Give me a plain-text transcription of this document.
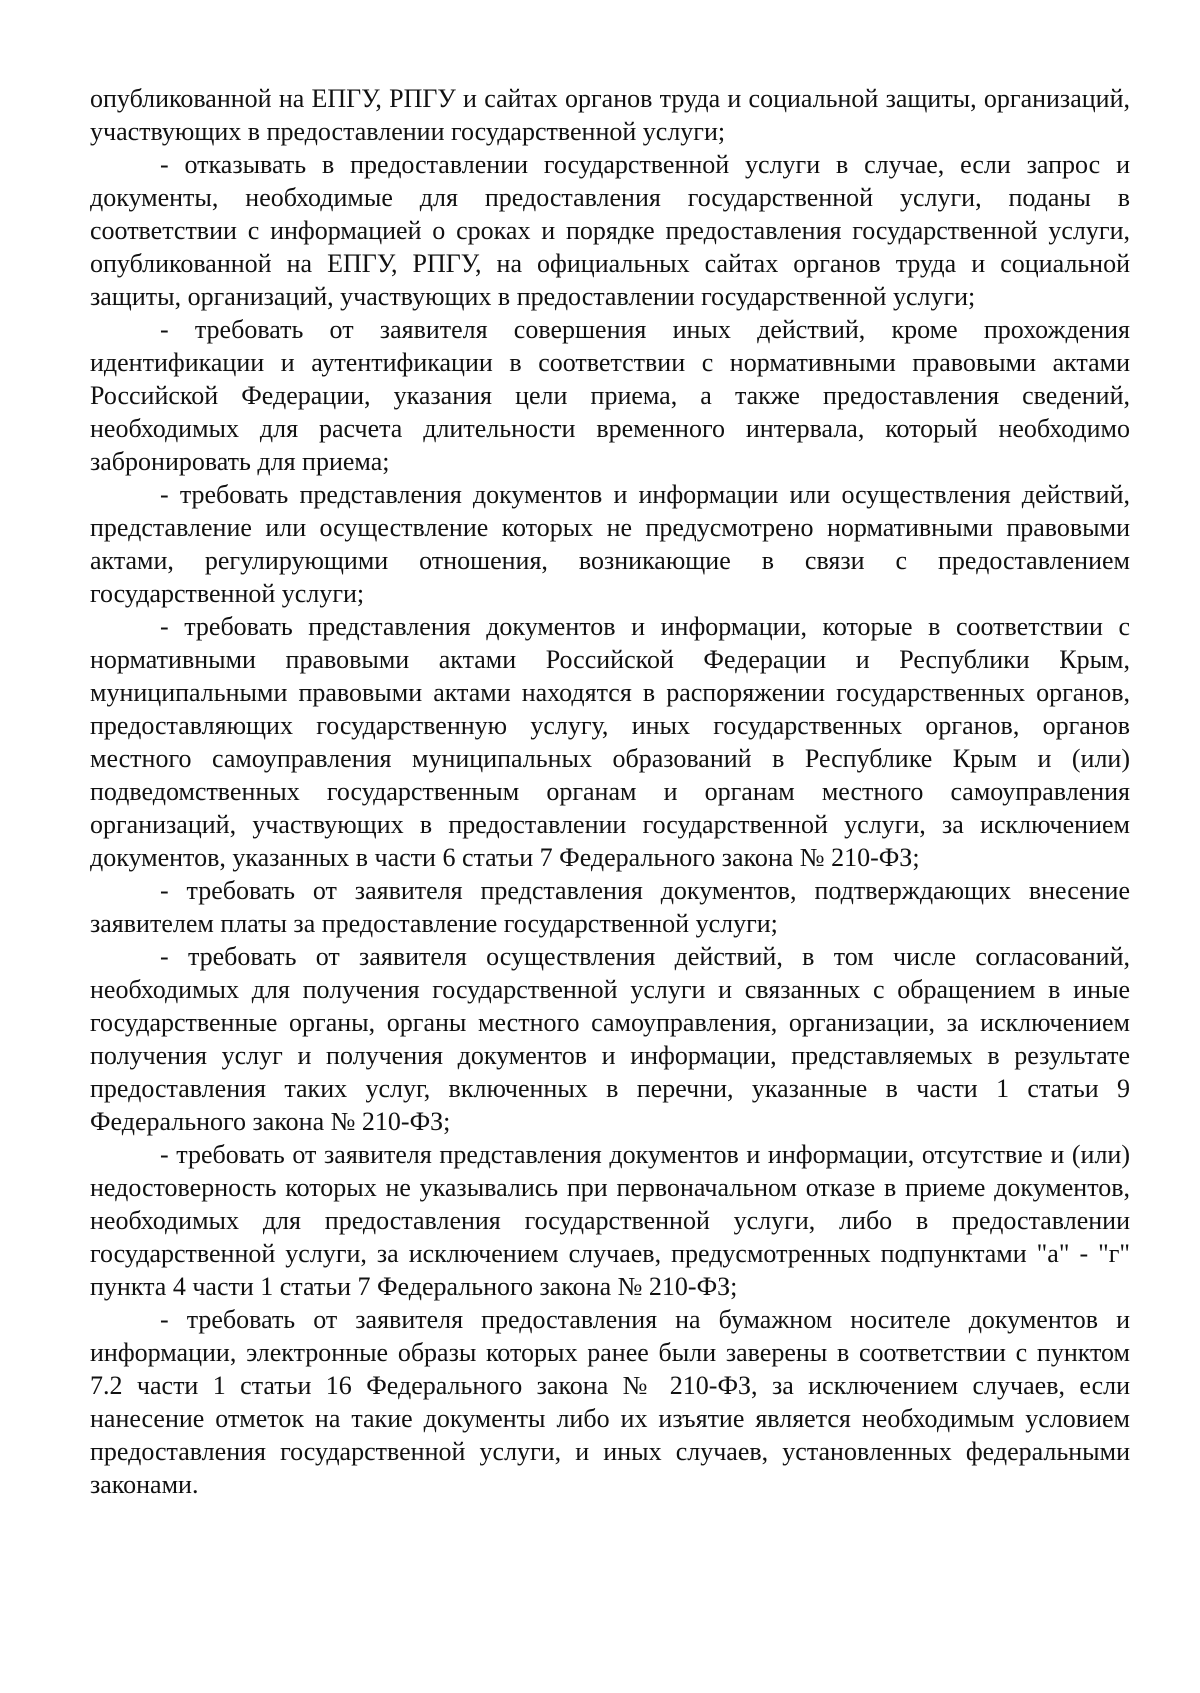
опубликованной на ЕПГУ, РПГУ и сайтах органов труда и социальной защиты, организаций, участвующих в предоставлении государственной услуги;

- отказывать в предоставлении государственной услуги в случае, если запрос и документы, необходимые для предоставления государственной услуги, поданы в соответствии с информацией о сроках и порядке предоставления государственной услуги, опубликованной на ЕПГУ, РПГУ, на официальных сайтах органов труда и социальной защиты, организаций, участвующих в предоставлении государственной услуги;

- требовать от заявителя совершения иных действий, кроме прохождения идентификации и аутентификации в соответствии с нормативными правовыми актами Российской Федерации, указания цели приема, а также предоставления сведений, необходимых для расчета длительности временного интервала, который необходимо забронировать для приема;

- требовать представления документов и информации или осуществления действий, представление или осуществление которых не предусмотрено нормативными правовыми актами, регулирующими отношения, возникающие в связи с предоставлением государственной услуги;

- требовать представления документов и информации, которые в соответствии с нормативными правовыми актами Российской Федерации и Республики Крым, муниципальными правовыми актами находятся в распоряжении государственных органов, предоставляющих государственную услугу, иных государственных органов, органов местного самоуправления муниципальных образований в Республике Крым и (или) подведомственных государственным органам и органам местного самоуправления организаций, участвующих в предоставлении государственной услуги, за исключением документов, указанных в части 6 статьи 7 Федерального закона № 210-ФЗ;

- требовать от заявителя представления документов, подтверждающих внесение заявителем платы за предоставление государственной услуги;

- требовать от заявителя осуществления действий, в том числе согласований, необходимых для получения государственной услуги и связанных с обращением в иные государственные органы, органы местного самоуправления, организации, за исключением получения услуг и получения документов и информации, представляемых в результате предоставления таких услуг, включенных в перечни, указанные в части 1 статьи 9 Федерального закона № 210-ФЗ;

- требовать от заявителя представления документов и информации, отсутствие и (или) недостоверность которых не указывались при первоначальном отказе в приеме документов, необходимых для предоставления государственной услуги, либо в предоставлении государственной услуги, за исключением случаев, предусмотренных подпунктами "а" - "г" пункта 4 части 1 статьи 7 Федерального закона № 210-ФЗ;

- требовать от заявителя предоставления на бумажном носителе документов и информации, электронные образы которых ранее были заверены в соответствии с пунктом 7.2 части 1 статьи 16 Федерального закона № 210-ФЗ, за исключением случаев, если нанесение отметок на такие документы либо их изъятие является необходимым условием предоставления государственной услуги, и иных случаев, установленных федеральными законами.
